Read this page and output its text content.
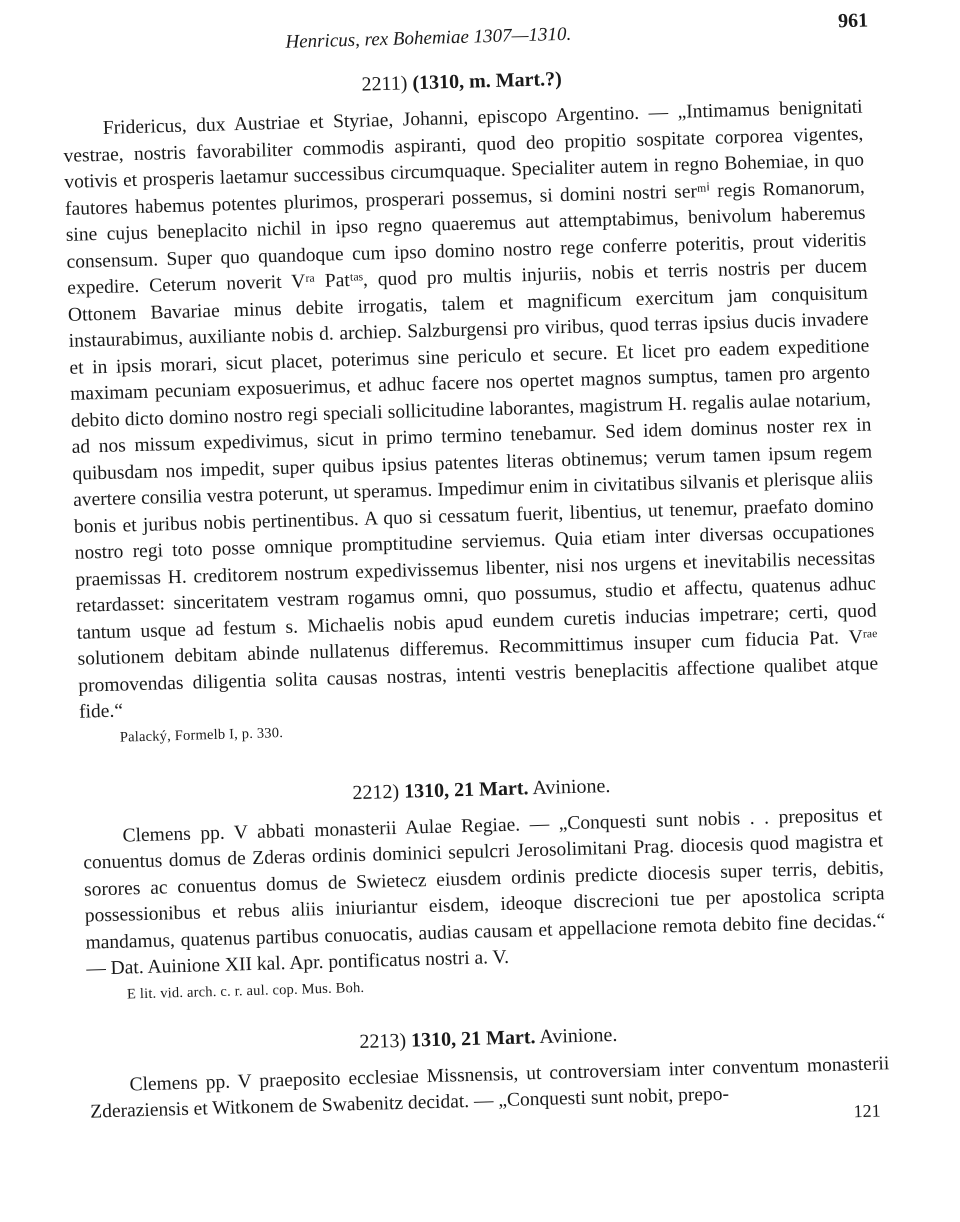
Henricus, rex Bohemiae 1307—1310.
961
2211) (1310, m. Mart.?)

Fridericus, dux Austriae et Styriae, Johanni, episcopo Argentino. — „Intimamus benignitati vestrae, nostris favorabiliter commodis aspiranti, quod deo propitio sospitate corporea vigentes, votivis et prosperis laetamur successibus circumquaque. Specialiter autem in regno Bohemiae, in quo fautores habemus potentes plurimos, prosperari possemus, si domini nostri serᵐⁱ regis Romanorum, sine cujus beneplacito nichil in ipso regno quaeremus aut attemptabimus, benivolum haberemus consensum. Super quo quandoque cum ipso domino nostro rege conferre poteritis, prout videritis expedire. Ceterum noverit Vʳᵃ Patᵗᵃˢ, quod pro multis injuriis, nobis et terris nostris per ducem Ottonem Bavariae minus debite irrogatis, talem et magnificum exercitum jam conquisitum instaurabimus, auxiliante nobis d. archiep. Salzburgensi pro viribus, quod terras ipsius ducis invadere et in ipsis morari, sicut placet, poterimus sine periculo et secure. Et licet pro eadem expeditione maximam pecuniam exposuerimus, et adhuc facere nos opertet magnos sumptus, tamen pro argento debito dicto domino nostro regi speciali sollicitudine laborantes, magistrum H. regalis aulae notarium, ad nos missum expedivimus, sicut in primo termino tenebamur. Sed idem dominus noster rex in quibusdam nos impedit, super quibus ipsius patentes literas obtinemus; verum tamen ipsum regem avertere consilia vestra poterunt, ut speramus. Impedimur enim in civitatibus silvanis et plerisque aliis bonis et juribus nobis pertinentibus. A quo si cessatum fuerit, libentius, ut tenemur, praefato domino nostro regi toto posse omnique promptitudine serviemus. Quia etiam inter diversas occupationes praemissas H. creditorem nostrum expedivissemus libenter, nisi nos urgens et inevitabilis necessitas retardasset: sinceritatem vestram rogamus omni, quo possumus, studio et affectu, quatenus adhuc tantum usque ad festum s. Michaelis nobis apud eundem curetis inducias impetrare; certi, quod solutionem debitam abinde nullatenus differemus. Recommittimus insuper cum fiducia Pat. Vʳᵃᵉ promovendas diligentia solita causas nostras, intenti vestris beneplacitis affectione qualibet atque fide.“

Palacký, Formelb I, p. 330.
2212) 1310, 21 Mart. Avinione.

Clemens pp. V abbati monasterii Aulae Regiae. — „Conquesti sunt nobis . . prepositus et conuentus domus de Zderas ordinis dominici sepulcri Jerosolimitani Prag. diocesis quod magistra et sorores ac conuentus domus de Swietecz eiusdem ordinis predicte diocesis super terris, debitis, possessionibus et rebus aliis iniuriantur eisdem, ideoque discrecioni tue per apostolica scripta mandamus, quatenus partibus conuocatis, audias causam et appellacione remota debito fine decidas.“ — Dat. Auinione XII kal. Apr. pontificatus nostri a. V.

E lit. vid. arch. c. r. aul. cop. Mus. Boh.
2213) 1310, 21 Mart. Avinione.

Clemens pp. V praeposito ecclesiae Missnensis, ut controversiam inter conventum monasterii Zderaziensis et Witkonem de Swabenitz decidat. — „Conquesti sunt nobit, prepo-	121
